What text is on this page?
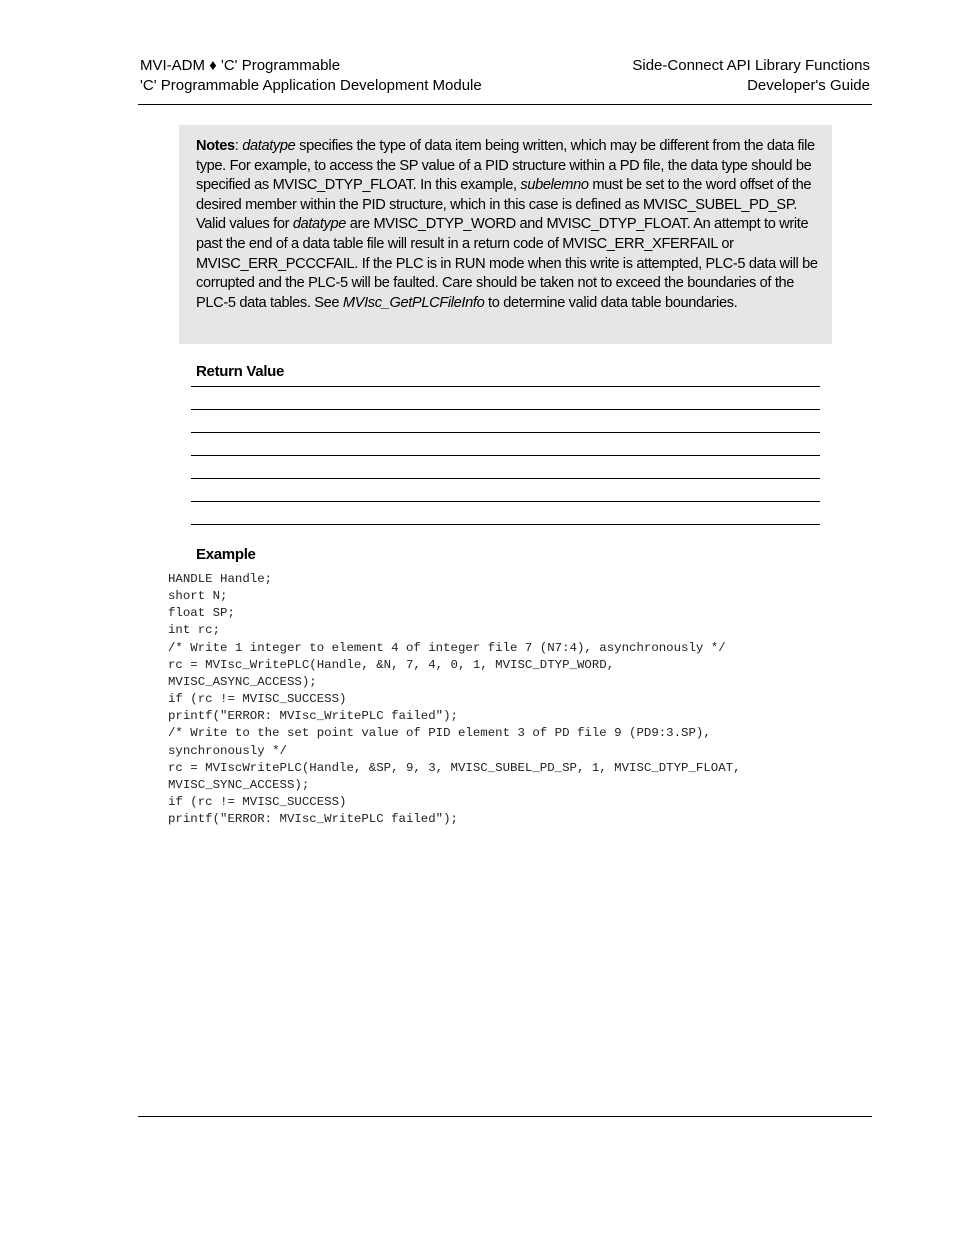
MVI-ADM ♦ 'C' Programmable
'C' Programmable Application Development Module
Side-Connect API Library Functions
Developer's Guide
Notes: datatype specifies the type of data item being written, which may be different from the data file type. For example, to access the SP value of a PID structure within a PD file, the data type should be specified as MVISC_DTYP_FLOAT. In this example, subelemno must be set to the word offset of the desired member within the PID structure, which in this case is defined as MVISC_SUBEL_PD_SP. Valid values for datatype are MVISC_DTYP_WORD and MVISC_DTYP_FLOAT. An attempt to write past the end of a data table file will result in a return code of MVISC_ERR_XFERFAIL or MVISC_ERR_PCCCFAIL. If the PLC is in RUN mode when this write is attempted, PLC-5 data will be corrupted and the PLC-5 will be faulted. Care should be taken not to exceed the boundaries of the PLC-5 data tables. See MVIsc_GetPLCFileInfo to determine valid data table boundaries.
Return Value
Example
HANDLE Handle;
short N;
float SP;
int rc;
/* Write 1 integer to element 4 of integer file 7 (N7:4), asynchronously */
rc = MVIsc_WritePLC(Handle, &N, 7, 4, 0, 1, MVISC_DTYP_WORD,
MVISC_ASYNC_ACCESS);
if (rc != MVISC_SUCCESS)
printf("ERROR: MVIsc_WritePLC failed");
/* Write to the set point value of PID element 3 of PD file 9 (PD9:3.SP),
synchronously */
rc = MVIscWritePLC(Handle, &SP, 9, 3, MVISC_SUBEL_PD_SP, 1, MVISC_DTYP_FLOAT,
MVISC_SYNC_ACCESS);
if (rc != MVISC_SUCCESS)
printf("ERROR: MVIsc_WritePLC failed");
